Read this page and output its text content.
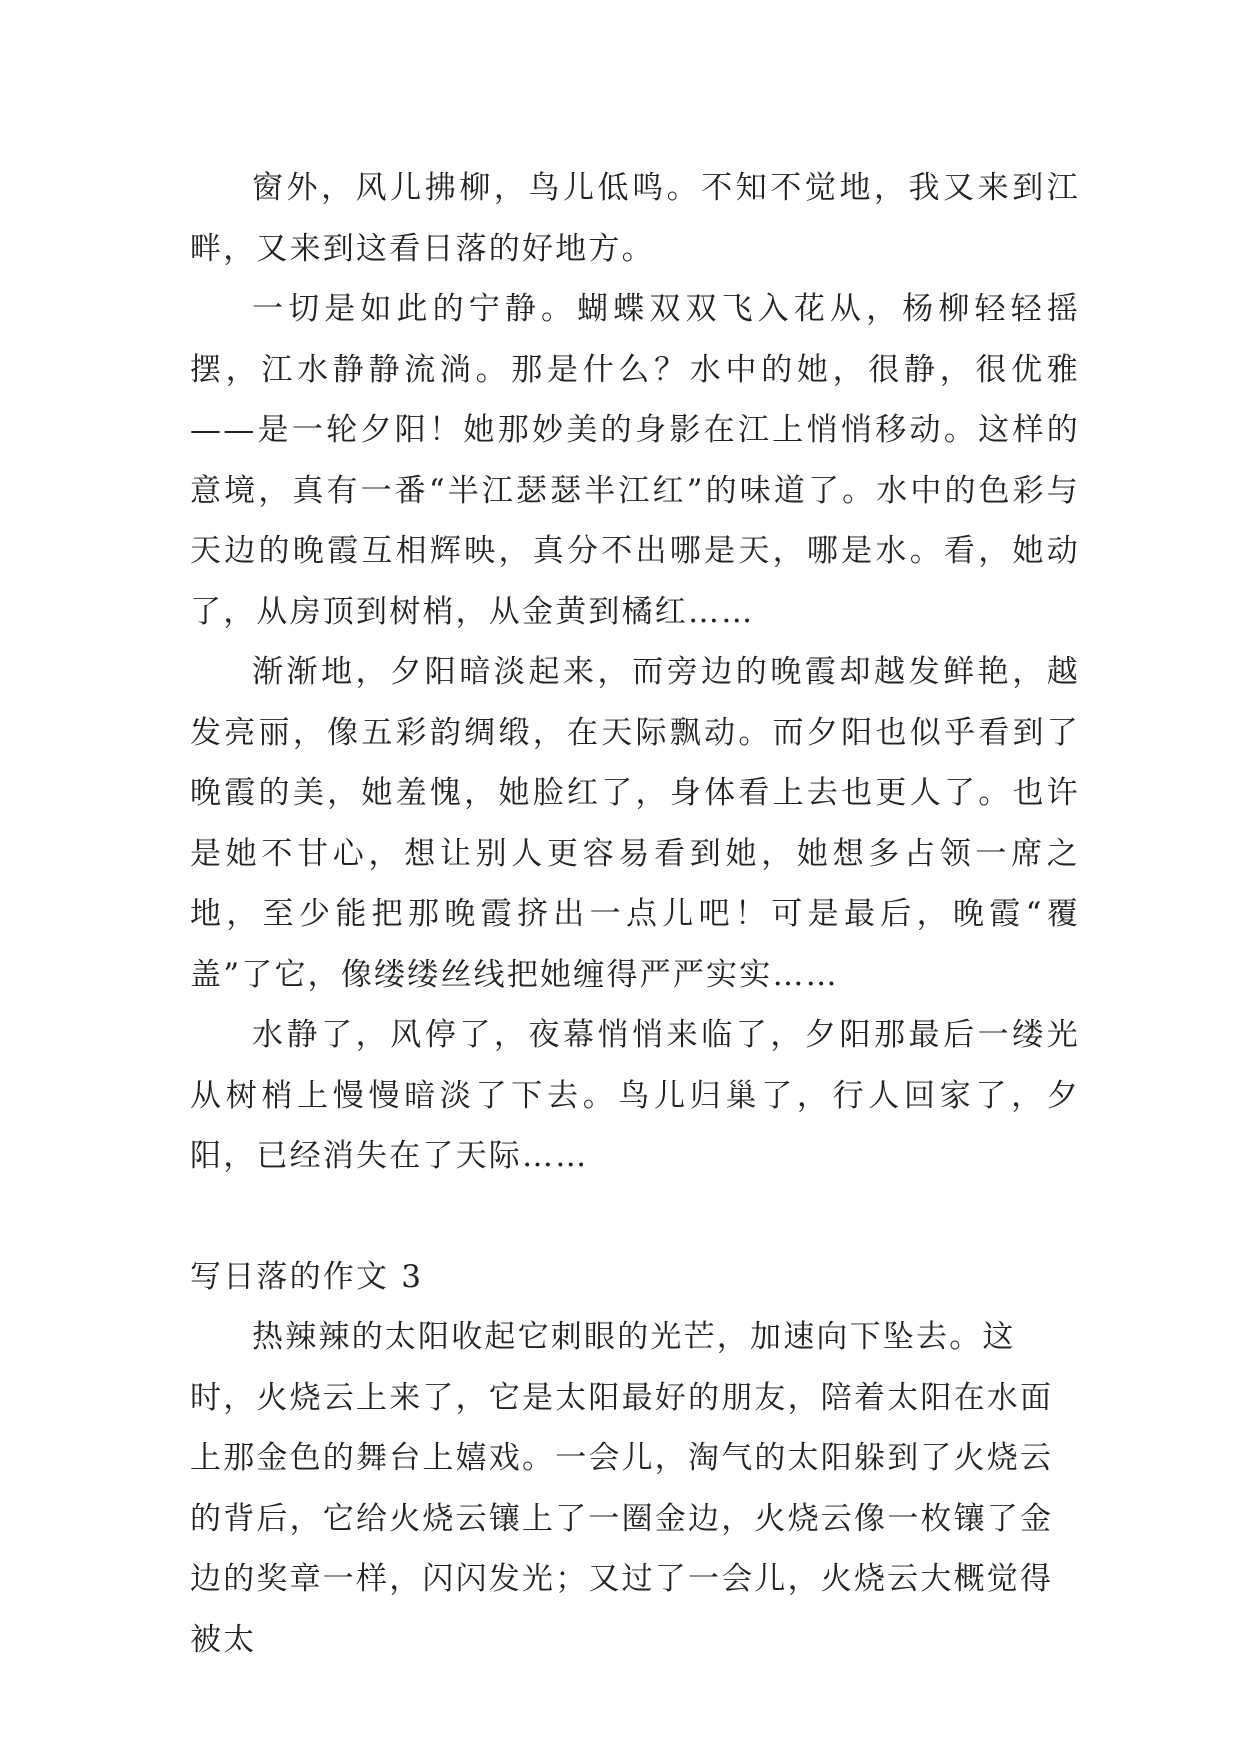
窗外，风儿拂柳，鸟儿低鸣。不知不觉地，我又来到江畔，又来到这看日落的好地方。

一切是如此的宁静。蝴蝶双双飞入花从，杨柳轻轻摇摆，江水静静流淌。那是什么？水中的她，很静，很优雅——是一轮夕阳！她那妙美的身影在江上悄悄移动。这样的意境，真有一番“半江瑟瑟半江红”的味道了。水中的色彩与天边的晚霞互相辉映，真分不出哪是天，哪是水。看，她动了，从房顶到树梢，从金黄到橘红……

渐渐地，夕阳暗淡起来，而旁边的晚霞却越发鲜艳，越发亮丽，像五彩韵绸缎，在天际飘动。而夕阳也似乎看到了晚霞的美，她羞愧，她脸红了，身体看上去也更人了。也许是她不甘心，想让别人更容易看到她，她想多占领一席之地，至少能把那晚霞挤出一点儿吧！可是最后，晚霞“覆盖”了它，像缕缕丝线把她缠得严严实实……

水静了，风停了，夜幕悄悄来临了，夕阳那最后一缕光从树梢上慢慢暗淡了下去。鸟儿归巢了，行人回家了，夕阳，已经消失在了天际……

写日落的作文 3

热辣辣的太阳收起它刺眼的光芒，加速向下坠去。这时，火烧云上来了，它是太阳最好的朋友，陪着太阳在水面上那金色的舞台上嬉戏。一会儿，淘气的太阳躲到了火烧云的背后，它给火烧云镶上了一圈金边，火烧云像一枚镶了金边的奖章一样，闪闪发光；又过了一会儿，火烧云大概觉得被太
